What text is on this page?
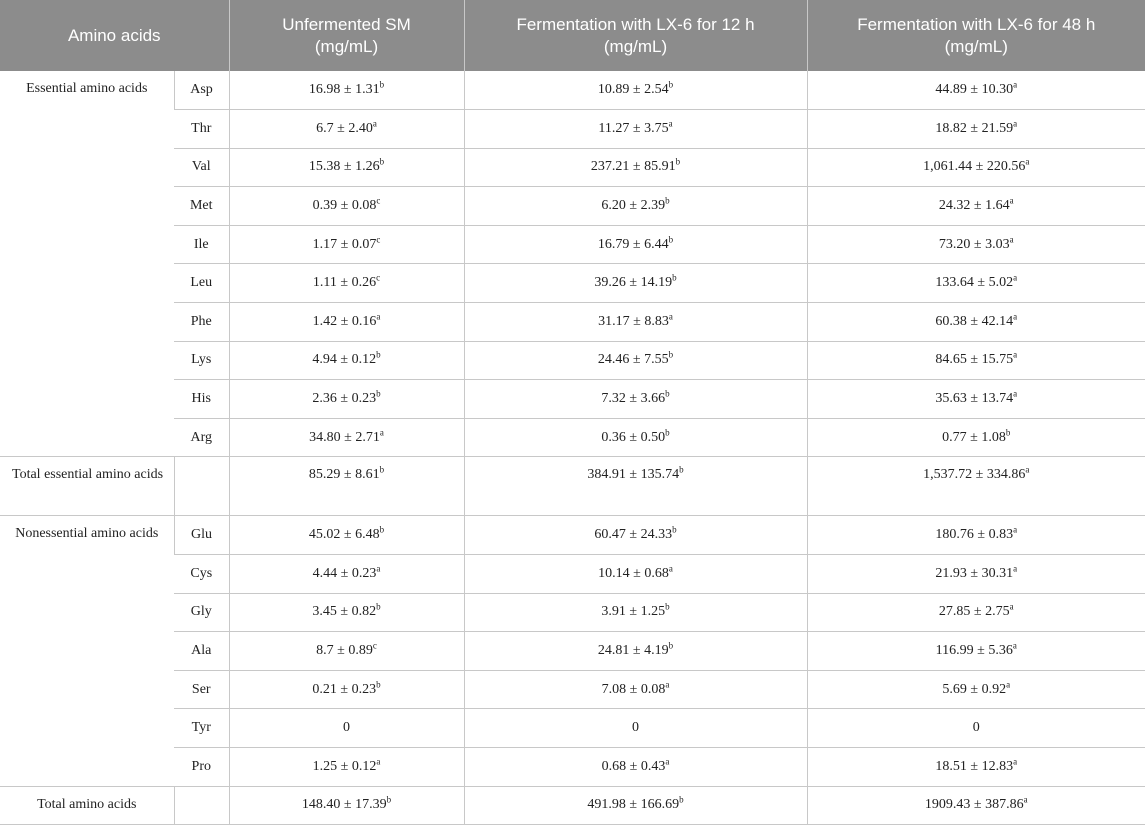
Amino acids		Unfermented SM (mg/mL)	Fermentation with LX-6 for 12 h (mg/mL)	Fermentation with LX-6 for 48 h (mg/mL)

Essential amino acids	Asp	16.98 ± 1.31$^b$	10.89 ± 2.54$^b$	44.89 ± 10.30$^a$
	Thr	6.7 ± 2.40$^a$	11.27 ± 3.75$^a$	18.82 ± 21.59$^a$
	Val	15.38 ± 1.26$^b$	237.21 ± 85.91$^b$	1,061.44 ± 220.56$^a$
	Met	0.39 ± 0.08$^c$	6.20 ± 2.39$^b$	24.32 ± 1.64$^a$
	Ile	1.17 ± 0.07$^c$	16.79 ± 6.44$^b$	73.20 ± 3.03$^a$
	Leu	1.11 ± 0.26$^c$	39.26 ± 14.19$^b$	133.64 ± 5.02$^a$
	Phe	1.42 ± 0.16$^a$	31.17 ± 8.83$^a$	60.38 ± 42.14$^a$
	Lys	4.94 ± 0.12$^b$	24.46 ± 7.55$^b$	84.65 ± 15.75$^a$
	His	2.36 ± 0.23$^b$	7.32 ± 3.66$^b$	35.63 ± 13.74$^a$
	Arg	34.80 ± 2.71$^a$	0.36 ± 0.50$^b$	0.77 ± 1.08$^b$
Total essential amino acids		85.29 ± 8.61$^b$	384.91 ± 135.74$^b$	1,537.72 ± 334.86$^a$
Nonessential amino acids	Glu	45.02 ± 6.48$^b$	60.47 ± 24.33$^b$	180.76 ± 0.83$^a$
	Cys	4.44 ± 0.23$^a$	10.14 ± 0.68$^a$	21.93 ± 30.31$^a$
	Gly	3.45 ± 0.82$^b$	3.91 ± 1.25$^b$	27.85 ± 2.75$^a$
	Ala	8.7 ± 0.89$^c$	24.81 ± 4.19$^b$	116.99 ± 5.36$^a$
	Ser	0.21 ± 0.23$^b$	7.08 ± 0.08$^a$	5.69 ± 0.92$^a$
	Tyr	0	0	0
	Pro	1.25 ± 0.12$^a$	0.68 ± 0.43$^a$	18.51 ± 12.83$^a$
Total amino acids		148.40 ± 17.39$^b$	491.98 ± 166.69$^b$	1909.43 ± 387.86$^a$
